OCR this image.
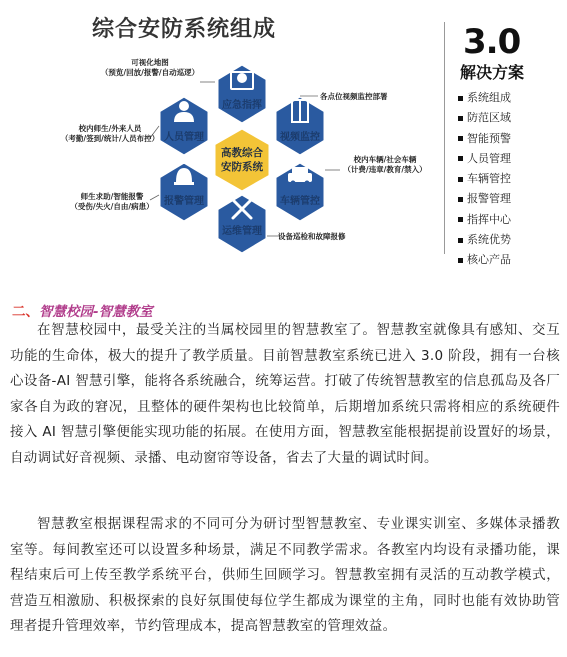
综合安防系统组成
应急指挥
视频监控
车辆管控
运维管理
报警管理
人员管理
高教综合
安防系统
可视化地图
（预览/回放/报警/自动巡逻）
各点位视频监控部署
校内师生/外来人员
（考勤/签到/统计/人员布控）
校内车辆/社会车辆
（计费/违章/教育/禁入）
师生求助/智能报警
（受伤/失火/自由/病患）
设备巡检和故障报修
3.0
解决方案
系统组成
防范区域
智能预警
人员管理
车辆管控
报警管理
指挥中心
系统优势
核心产品
二、智慧校园-智慧教室

在智慧校园中，最受关注的当属校园里的智慧教室了。智慧教室就像具有感知、交互功能的生命体，极大的提升了教学质量。目前智慧教室系统已进入 3.0 阶段，拥有一台核心设备-AI 智慧引擎，能将各系统融合，统筹运营。打破了传统智慧教室的信息孤岛及各厂家各自为政的窘况，且整体的硬件架构也比较简单，后期增加系统只需将相应的系统硬件接入 AI 智慧引擎便能实现功能的拓展。在使用方面，智慧教室能根据提前设置好的场景，自动调试好音视频、录播、电动窗帘等设备，省去了大量的调试时间。

智慧教室根据课程需求的不同可分为研讨型智慧教室、专业课实训室、多媒体录播教室等。每间教室还可以设置多种场景，满足不同教学需求。各教室内均设有录播功能，课程结束后可上传至教学系统平台，供师生回顾学习。智慧教室拥有灵活的互动教学模式，营造互相激励、积极探索的良好氛围使每位学生都成为课堂的主角，同时也能有效协助管理者提升管理效率，节约管理成本，提高智慧教室的管理效益。
